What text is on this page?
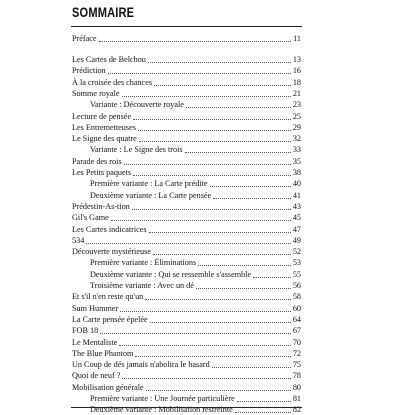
SOMMAIRE
Préface	11
Les Cartes de Belchou	13
Prédiction	16
À la croisée des chances	18
Somme royale	21
Variante : Découverte royale	23
Lecture de pensée	25
Les Entremetteuses	29
Le Signe des quatre	32
Variante : Le Signe des trois	33
Parade des rois	35
Les Petits paquets	38
Première variante : La Carte prédite	40
Deuxième variante : La Carte pensée	41
Prédestin-As-tion	43
Gil's Game	45
Les Cartes indicatrices	47
534	49
Découverte mystérieuse	52
Première variante : Éliminations	53
Deuxième variante : Qui se ressemble s'assemble	55
Troisième variante : Avec un dé	56
Et s'il n'en reste qu'un	58
Sum Hummer	60
La Carte pensée épelée	64
FOB 18	67
Le Mentaliste	70
The Blue Phantom	72
Un Coup de dés jamais n'abolira le hasard	75
Quoi de neuf ?	78
Mobilisation générale	80
Première variante : Une Journée particulière	81
Deuxième variante : Mobilisation restreinte	82
